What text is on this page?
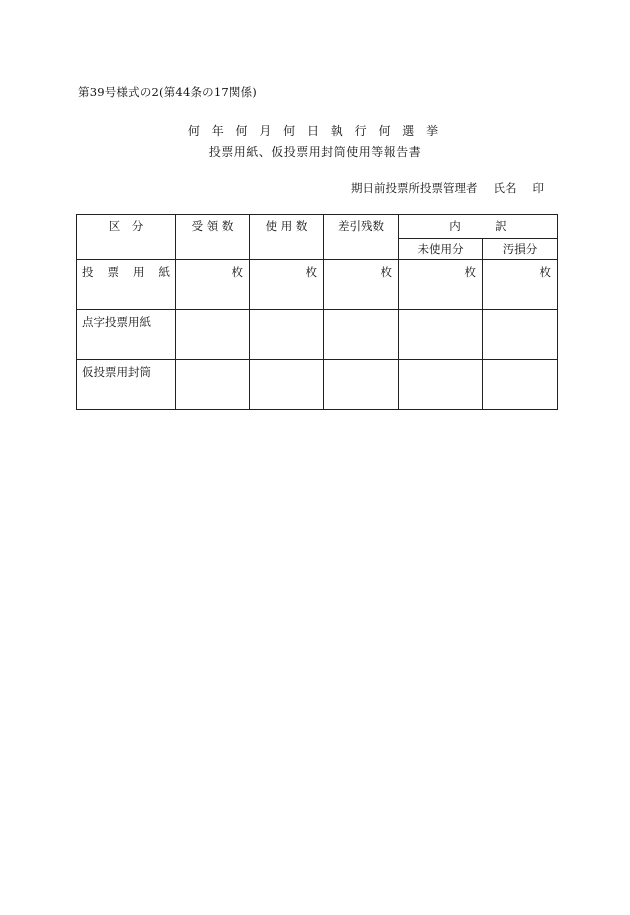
第39号様式の2(第44条の17関係)
何 年 何 月 何 日 執 行 何 選 挙
投票用紙、仮投票用封筒使用等報告書
期日前投票所投票管理者 氏名 印
区　分	受 領 数	使 用 数	差引残数	内　　　訳	
				未使用分	汚損分
投票用紙	枚	枚	枚	枚	枚
点字投票用紙					
仮投票用封筒					
